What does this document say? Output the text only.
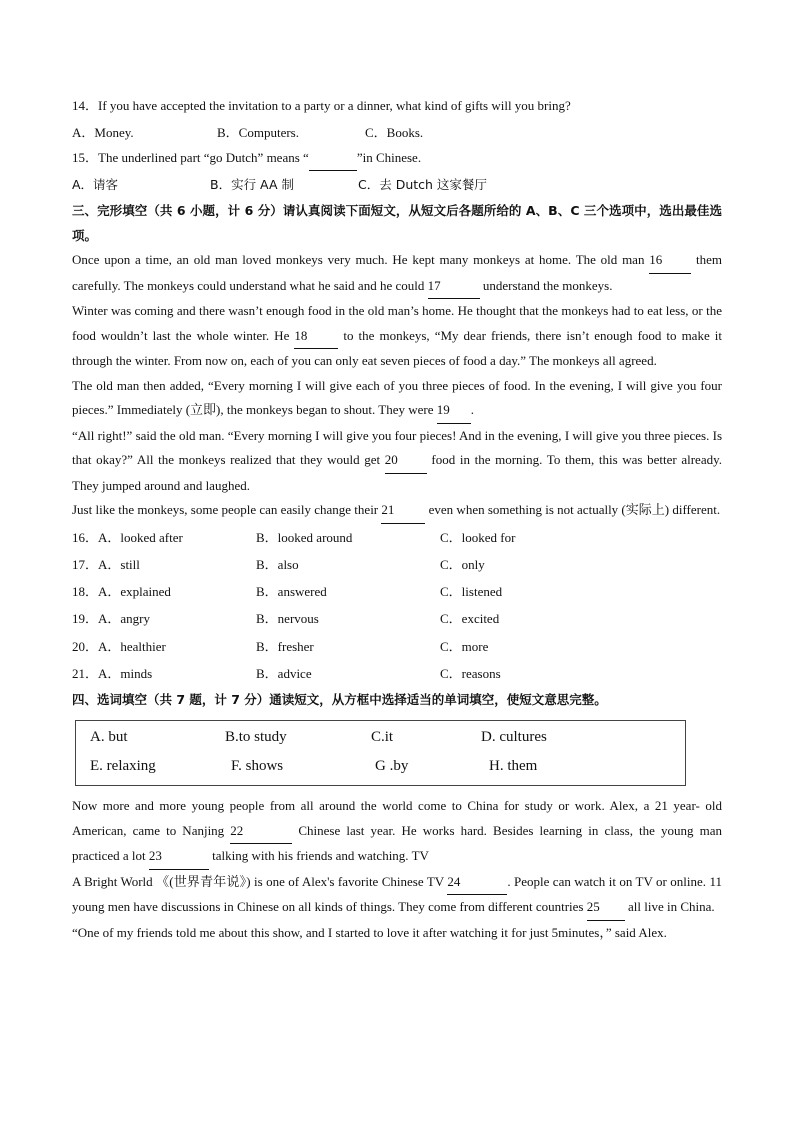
14．If you have accepted the invitation to a party or a dinner, what kind of gifts will you bring?
A．Money.	B．Computers.	C．Books.
15．The underlined part “go Dutch” means “	”in Chinese.
A．请客	B．实行 AA 制	C．去 Dutch 这家餐厅
三、完形填空（共 6 小题，计 6 分）请认真阅读下面短文，从短文后各题所给的 A、B、C 三个选项中，选出最佳选项。
Once upon a time, an old man loved monkeys very much. He kept many monkeys at home. The old man 16	them carefully. The monkeys could understand what he said and he could 17	understand the monkeys.
Winter was coming and there wasn’t enough food in the old man’s home. He thought that the monkeys had to eat less, or the food wouldn’t last the whole winter. He 18 to the monkeys, “My dear friends, there isn’t enough food to make it through the winter. From now on, each of you can only eat seven pieces of food a day.” The monkeys all agreed.
The old man then added, “Every morning I will give each of you three pieces of food. In the evening, I will give you four pieces.” Immediately (立即), the monkeys began to shout. They were 19 .
“All right!” said the old man. “Every morning I will give you four pieces! And in the evening, I will give you three pieces. Is that okay?” All the monkeys realized that they would get 20 food in the morning. To them, this was better already. They jumped around and laughed.
Just like the monkeys, some people can easily change their 21 even when something is not actually (实际上) different.
16．A．looked after	B．looked around	C．looked for
17．A．still	B．also	C．only
18．A．explained	B．answered	C．listened
19．A．angry	B．nervous	C．excited
20．A．healthier	B．fresher	C．more
21．A．minds	B．advice	C．reasons
四、选词填空（共 7 题，计 7 分）通读短文，从方框中选择适当的单词填空，使短文意思完整。
A. but	B.to study	C.it	D. cultures
E. relaxing	F. shows	G .by	H. them
Now more and more young people from all around the world come to China for study or work. Alex, a 21 year- old American, came to Nanjing 22	Chinese last year. He works hard. Besides learning in class, the young man practiced a lot 23	talking with his friends and watching. TV
A Bright World 《(世界青年说》) is one of Alex's favorite Chinese TV 24	. People can watch it on TV or online. 11 young men have discussions in Chinese on all kinds of things. They come from different countries 25 all live in China.
“One of my friends told me about this show, and I started to love it after watching it for just 5minutes，” said Alex.
